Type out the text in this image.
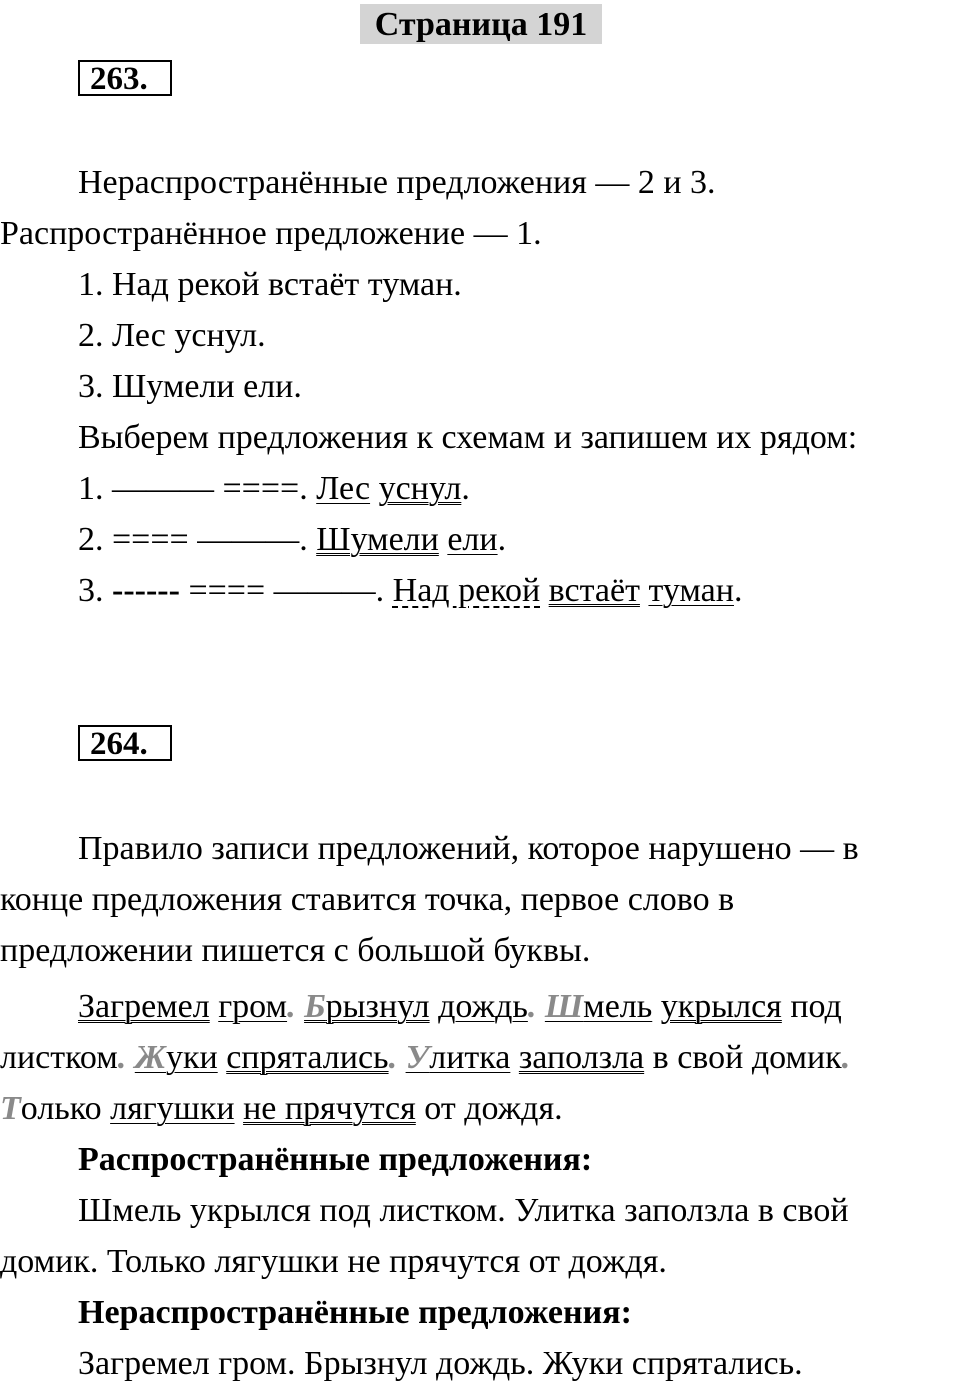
Страница 191
263.
Нераспространённые предложения — 2 и 3.
Распространённое предложение — 1.
1. Над рекой встаёт туман.
2. Лес уснул.
3. Шумели ели.
Выберем предложения к схемам и запишем их рядом:
1. ——— ====. Лес уснул.
2. ==== ———. Шумели ели.
3. ------ ==== ———. Над рекой встаёт туман.
264.
Правило записи предложений, которое нарушено — в
конце предложения ставится точка, первое слово в
предложении пишется с большой буквы.
Загремел гром. Брызнул дождь. Шмель укрылся под
листком. Жуки спрятались. Улитка заползла в свой домик.
Только лягушки не прячутся от дождя.
Распространённые предложения:
Шмель укрылся под листком. Улитка заползла в свой
домик. Только лягушки не прячутся от дождя.
Нераспространённые предложения:
Загремел гром. Брызнул дождь. Жуки спрятались.
